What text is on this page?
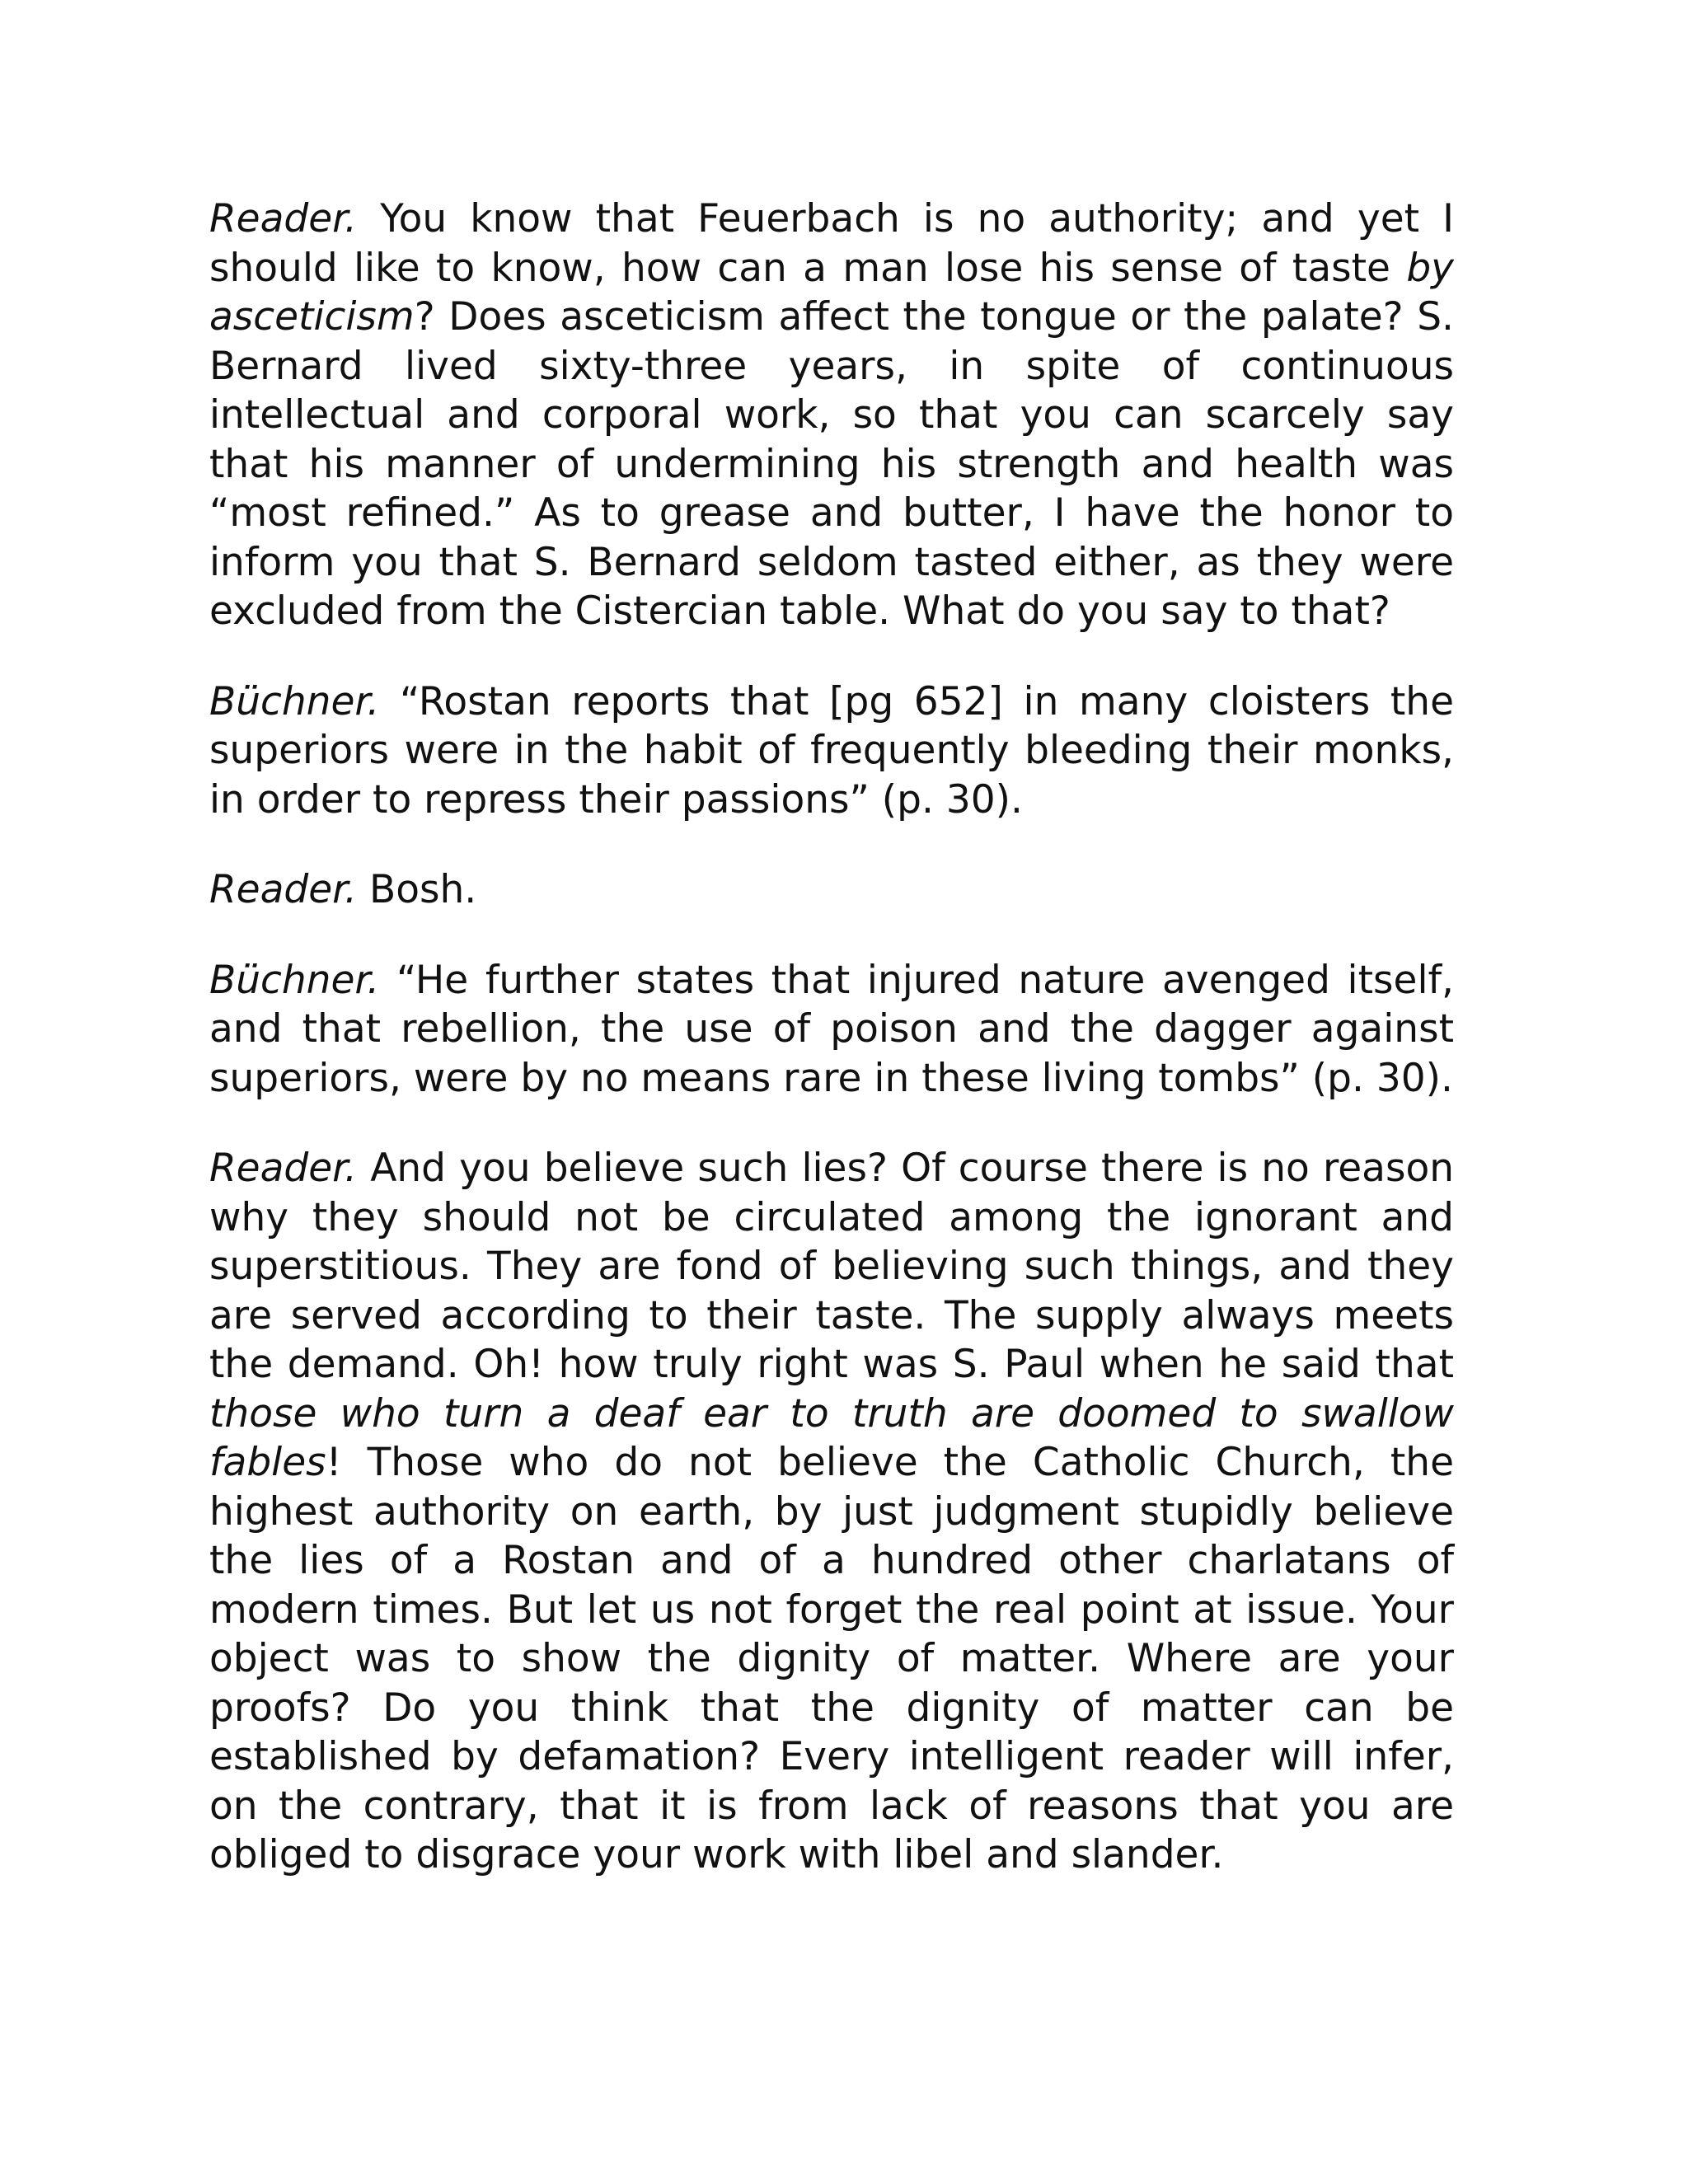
Reader. You know that Feuerbach is no authority; and yet I should like to know, how can a man lose his sense of taste by asceticism? Does asceticism affect the tongue or the palate? S. Bernard lived sixty-three years, in spite of continuous intellectual and corporal work, so that you can scarcely say that his manner of undermining his strength and health was “most refined.” As to grease and butter, I have the honor to inform you that S. Bernard seldom tasted either, as they were excluded from the Cistercian table. What do you say to that?

Büchner. “Rostan reports that [pg 652] in many cloisters the superiors were in the habit of frequently bleeding their monks, in order to repress their passions” (p. 30).

Reader. Bosh.

Büchner. “He further states that injured nature avenged itself, and that rebellion, the use of poison and the dagger against superiors, were by no means rare in these living tombs” (p. 30).

Reader. And you believe such lies? Of course there is no reason why they should not be circulated among the ignorant and superstitious. They are fond of believing such things, and they are served according to their taste. The supply always meets the demand. Oh! how truly right was S. Paul when he said that those who turn a deaf ear to truth are doomed to swallow fables! Those who do not believe the Catholic Church, the highest authority on earth, by just judgment stupidly believe the lies of a Rostan and of a hundred other charlatans of modern times. But let us not forget the real point at issue. Your object was to show the dignity of matter. Where are your proofs? Do you think that the dignity of matter can be established by defamation? Every intelligent reader will infer, on the contrary, that it is from lack of reasons that you are obliged to disgrace your work with libel and slander.
